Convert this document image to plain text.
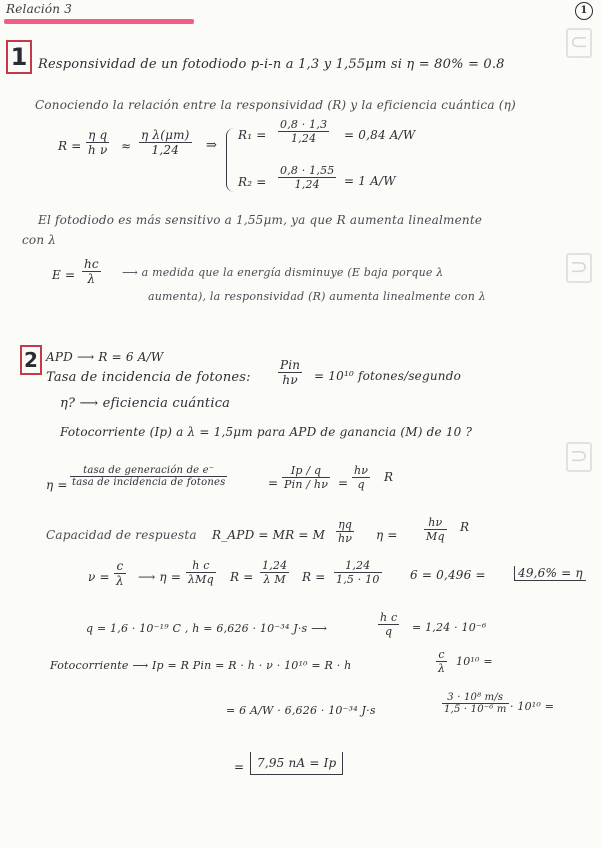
Relación 3	1
⊂
⊃
⊃
1 Responsividad de un fotodiodo p-i-n a 1,3 y 1,55μm si η = 80% = 0.8
Conociendo la relación entre la responsividad (R) y la eficiencia cuántica (η)
$R = \frac{\text{η q}}{\text{h ν}} \approx \frac{\text{η λ(μm)}}{1,24}$ ⇒
$R_1 = \frac{0,8 \cdot 1,3}{1,24} = 0,84$ A/W
$R_2 = \frac{0,8 \cdot 1,55}{1,24} = 1$ A/W
El fotodiodo es más sensitivo a 1,55μm, ya que R aumenta linealmente
con λ
$E = \frac{hc}{\lambda}$ ⟶ a medida que la energía disminuye (E baja porque λ
aumenta), la responsividad (R) aumenta linealmente con λ
2 APD ⟶ R = 6 A/W
Tasa de incidencia de fotones:
Pin
hν	= 10¹⁰ fotones/segundo
η? ⟶ eficiencia cuántica
Fotocorriente (Ip) a λ = 1,5μm para APD de ganancia (M) de 10 ?
η =
tasa de generación de e⁻
tasa de incidencia de fotones	=
Ip / q
Pin / $h\nu = \frac{h\nu}{q}$ R
Capacidad de respuesta R_APD = MR = M $\frac{\eta q}{h\nu}$ $\eta = \frac{h\nu}{Mq}$ R
$\nu = \frac{c}{\lambda}$ ⟶ η =
h c
λMq $R = \frac{1,24}{\text{λ M}}$ $R = \frac{1,24}{1,5 \cdot 10} 6 = 0,496$ =	49,6% = η
q = 1,6 · 10⁻¹⁹ C , h = 6,626 · 10⁻³⁴ J·s ⟶	$\frac{\text{h c}}{q} = 1,24 \cdot 10^{-6}$
Fotocorriente ⟶ Ip = R Pin = R · h · ν · 10¹⁰ = R · h	$\frac{c}{\lambda} 10^{10}$ =
= 6 A/W · 6,626 · 10⁻³⁴ J·s	$\frac{\text{3 · 10⁸ m/s}}{\text{1,5 · 10⁻⁶ m}} \cdot 10^{10}$ =
=	7,95 nA = Ip
